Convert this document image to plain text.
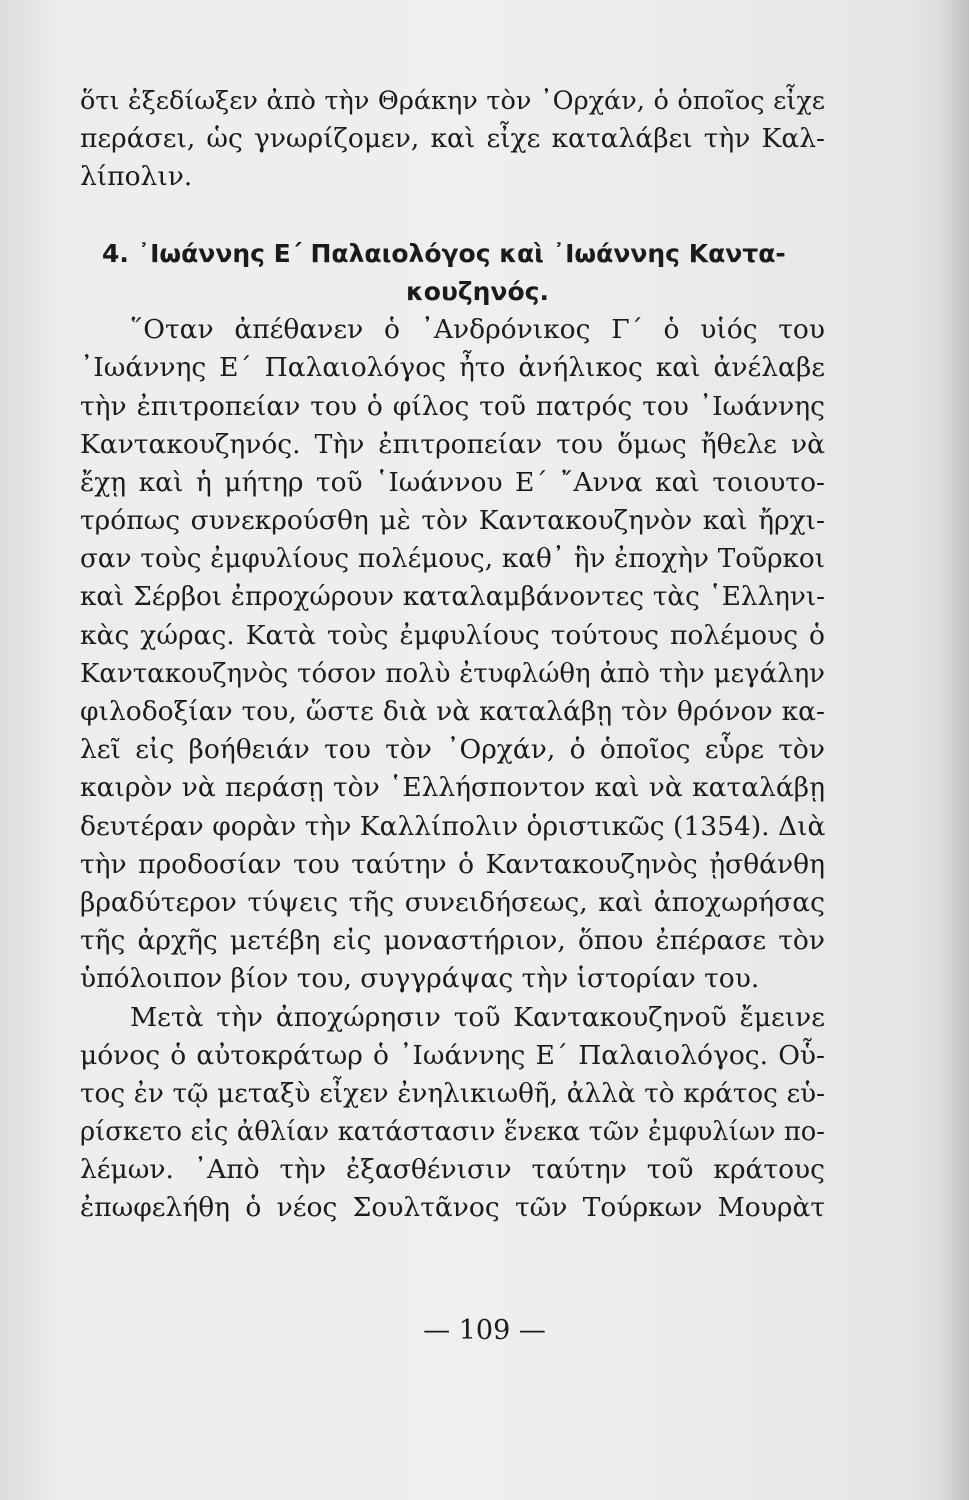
ὅτι ἐξεδίωξεν ἀπὸ τὴν Θράκην τὸν ᾿Ορχάν, ὁ ὁποῖος εἶχε
περάσει, ὡς γνωρίζομεν, καὶ εἶχε καταλάβει τὴν Καλ-
λίπολιν.
4. ᾿Ιωάννης Ε΄ Παλαιολόγος καὶ ᾿Ιωάννης Καντα-
κουζηνός.
῞Οταν ἀπέθανεν ὁ ᾿Ανδρόνικος Γ΄ ὁ υἱός του
᾿Ιωάννης Ε΄ Παλαιολόγος ἦτο ἀνήλικος καὶ ἀνέλαβε
τὴν ἐπιτροπείαν του ὁ φίλος τοῦ πατρός του ᾿Ιωάννης
Καντακουζηνός. Τὴν ἐπιτροπείαν του ὅμως ἤθελε νὰ
ἔχῃ καὶ ἡ μήτηρ τοῦ ῾Ιωάννου Ε΄ ῎Αννα καὶ τοιουτο-
τρόπως συνεκρούσθη μὲ τὸν Καντακουζηνὸν καὶ ἤρχι-
σαν τοὺς ἐμφυλίους πολέμους, καθ᾿ ἣν ἐποχὴν Τοῦρκοι
καὶ Σέρβοι ἐπροχώρουν καταλαμβάνοντες τὰς ῾Ελληνι-
κὰς χώρας. Κατὰ τοὺς ἐμφυλίους τούτους πολέμους ὁ
Καντακουζηνὸς τόσον πολὺ ἐτυφλώθη ἀπὸ τὴν μεγάλην
φιλοδοξίαν του, ὥστε διὰ νὰ καταλάβῃ τὸν θρόνον κα-
λεῖ εἰς βοήθειάν του τὸν ᾿Ορχάν, ὁ ὁποῖος εὗρε τὸν
καιρὸν νὰ περάσῃ τὸν ῾Ελλήσποντον καὶ νὰ καταλάβῃ
δευτέραν φορὰν τὴν Καλλίπολιν ὁριστικῶς (1354). Διὰ
τὴν προδοσίαν του ταύτην ὁ Καντακουζηνὸς ᾐσθάνθη
βραδύτερον τύψεις τῆς συνειδήσεως, καὶ ἀποχωρήσας
τῆς ἀρχῆς μετέβη εἰς μοναστήριον, ὅπου ἐπέρασε τὸν
ὑπόλοιπον βίον του, συγγράψας τὴν ἱστορίαν του.
Μετὰ τὴν ἀποχώρησιν τοῦ Καντακουζηνοῦ ἔμεινε
μόνος ὁ αὐτοκράτωρ ὁ ᾿Ιωάννης Ε΄ Παλαιολόγος. Οὗ-
τος ἐν τῷ μεταξὺ εἶχεν ἐνηλικιωθῆ, ἀλλὰ τὸ κράτος εὑ-
ρίσκετο εἰς ἀθλίαν κατάστασιν ἕνεκα τῶν ἐμφυλίων πο-
λέμων. ᾿Απὸ τὴν ἐξασθένισιν ταύτην τοῦ κράτους
ἐπωφελήθη ὁ νέος Σουλτᾶνος τῶν Τούρκων Μουρὰτ
— 109 —
